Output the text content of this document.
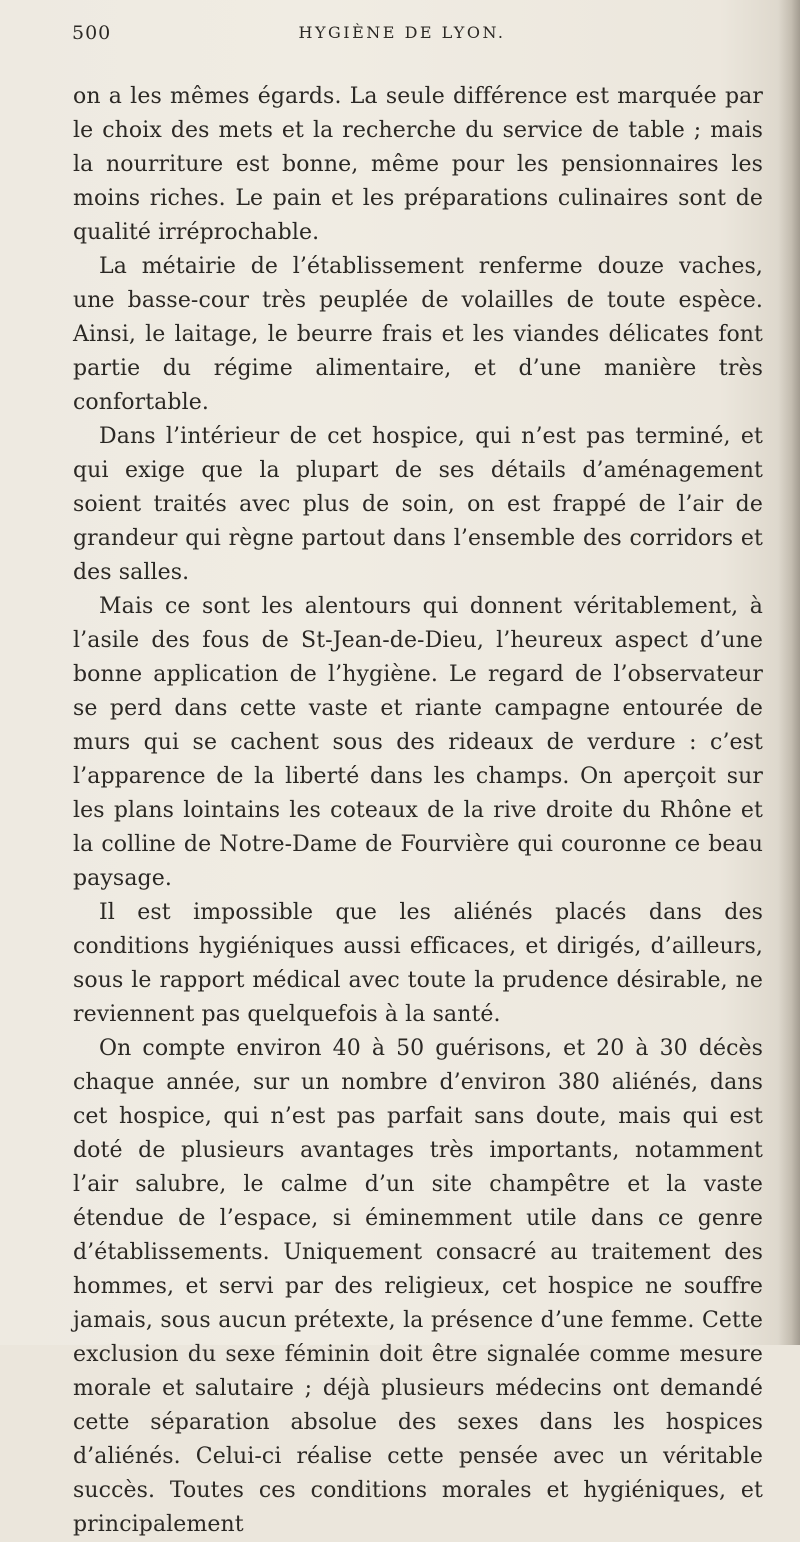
500	HYGIÈNE DE LYON.

on a les mêmes égards. La seule différence est marquée par le choix des mets et la recherche du service de table ; mais la nourriture est bonne, même pour les pensionnaires les moins riches. Le pain et les préparations culinaires sont de qualité irréprochable.

La métairie de l’établissement renferme douze vaches, une basse-cour très peuplée de volailles de toute espèce. Ainsi, le laitage, le beurre frais et les viandes délicates font partie du régime alimentaire, et d’une manière très confortable.

Dans l’intérieur de cet hospice, qui n’est pas terminé, et qui exige que la plupart de ses détails d’aménagement soient traités avec plus de soin, on est frappé de l’air de grandeur qui règne partout dans l’ensemble des corridors et des salles.

Mais ce sont les alentours qui donnent véritablement, à l’asile des fous de St-Jean-de-Dieu, l’heureux aspect d’une bonne application de l’hygiène. Le regard de l’observateur se perd dans cette vaste et riante campagne entourée de murs qui se cachent sous des rideaux de verdure : c’est l’apparence de la liberté dans les champs. On aperçoit sur les plans lointains les coteaux de la rive droite du Rhône et la colline de Notre-Dame de Fourvière qui couronne ce beau paysage.

Il est impossible que les aliénés placés dans des conditions hygiéniques aussi efficaces, et dirigés, d’ailleurs, sous le rapport médical avec toute la prudence désirable, ne reviennent pas quelquefois à la santé.

On compte environ 40 à 50 guérisons, et 20 à 30 décès chaque année, sur un nombre d’environ 380 aliénés, dans cet hospice, qui n’est pas parfait sans doute, mais qui est doté de plusieurs avantages très importants, notamment l’air salubre, le calme d’un site champêtre et la vaste étendue de l’espace, si éminemment utile dans ce genre d’établissements. Uniquement consacré au traitement des hommes, et servi par des religieux, cet hospice ne souffre jamais, sous aucun prétexte, la présence d’une femme. Cette exclusion du sexe féminin doit être signalée comme mesure morale et salutaire ; déjà plusieurs médecins ont demandé cette séparation absolue des sexes dans les hospices d’aliénés. Celui-ci réalise cette pensée avec un véritable succès. Toutes ces conditions morales et hygiéniques, et principalement
